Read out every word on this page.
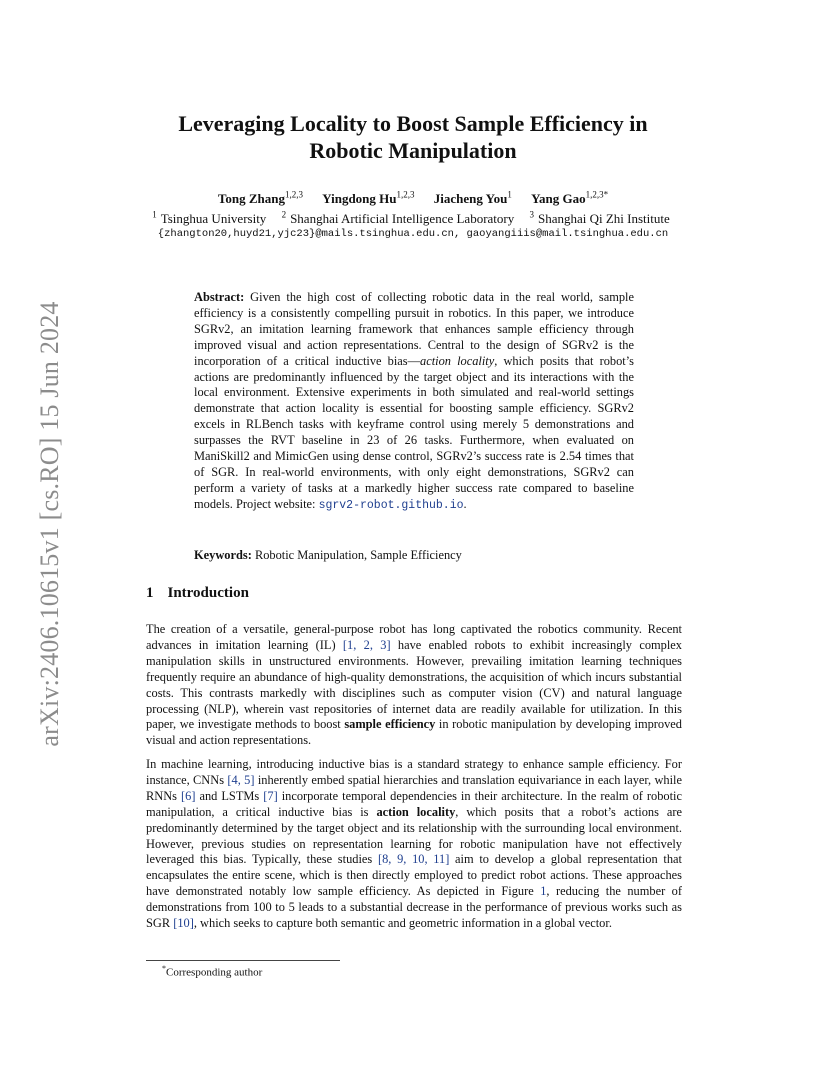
arXiv:2406.10615v1 [cs.RO] 15 Jun 2024
Leveraging Locality to Boost Sample Efficiency in
Robotic Manipulation
Tong Zhang$^{1,2,3}$ Yingdong Hu$^{1,2,3}$ Jiacheng You$^1$ Yang Gao$^{1,2,3*}$
$^1$ Tsinghua University $^2$ Shanghai Artificial Intelligence Laboratory $^3$ Shanghai Qi Zhi Institute
{zhangton20,huyd21,yjc23}@mails.tsinghua.edu.cn, gaoyangiiis@mail.tsinghua.edu.cn

Abstract: Given the high cost of collecting robotic data in the real world, sample efficiency is a consistently compelling pursuit in robotics. In this paper, we introduce SGRv2, an imitation learning framework that enhances sample efficiency through improved visual and action representations. Central to the design of SGRv2 is the incorporation of a critical inductive bias—action locality, which posits that robot’s actions are predominantly influenced by the target object and its interactions with the local environment. Extensive experiments in both simulated and real-world settings demonstrate that action locality is essential for boosting sample efficiency. SGRv2 excels in RLBench tasks with keyframe control using merely 5 demonstrations and surpasses the RVT baseline in 23 of 26 tasks. Furthermore, when evaluated on ManiSkill2 and MimicGen using dense control, SGRv2’s success rate is 2.54 times that of SGR. In real-world environments, with only eight demonstrations, SGRv2 can perform a variety of tasks at a markedly higher success rate compared to baseline models. Project website: sgrv2-robot.github.io.

Keywords: Robotic Manipulation, Sample Efficiency

1 Introduction

The creation of a versatile, general-purpose robot has long captivated the robotics community. Recent advances in imitation learning (IL) [1, 2, 3] have enabled robots to exhibit increasingly complex manipulation skills in unstructured environments. However, prevailing imitation learning techniques frequently require an abundance of high-quality demonstrations, the acquisition of which incurs substantial costs. This contrasts markedly with disciplines such as computer vision (CV) and natural language processing (NLP), wherein vast repositories of internet data are readily available for utilization. In this paper, we investigate methods to boost sample efficiency in robotic manipulation by developing improved visual and action representations.

In machine learning, introducing inductive bias is a standard strategy to enhance sample efficiency. For instance, CNNs [4, 5] inherently embed spatial hierarchies and translation equivariance in each layer, while RNNs [6] and LSTMs [7] incorporate temporal dependencies in their architecture. In the realm of robotic manipulation, a critical inductive bias is action locality, which posits that a robot’s actions are predominantly determined by the target object and its relationship with the surrounding local environment. However, previous studies on representation learning for robotic manipulation have not effectively leveraged this bias. Typically, these studies [8, 9, 10, 11] aim to develop a global representation that encapsulates the entire scene, which is then directly employed to predict robot actions. These approaches have demonstrated notably low sample efficiency. As depicted in Figure 1, reducing the number of demonstrations from 100 to 5 leads to a substantial decrease in the performance of previous works such as SGR [10], which seeks to capture both semantic and geometric information in a global vector.

*Corresponding author
